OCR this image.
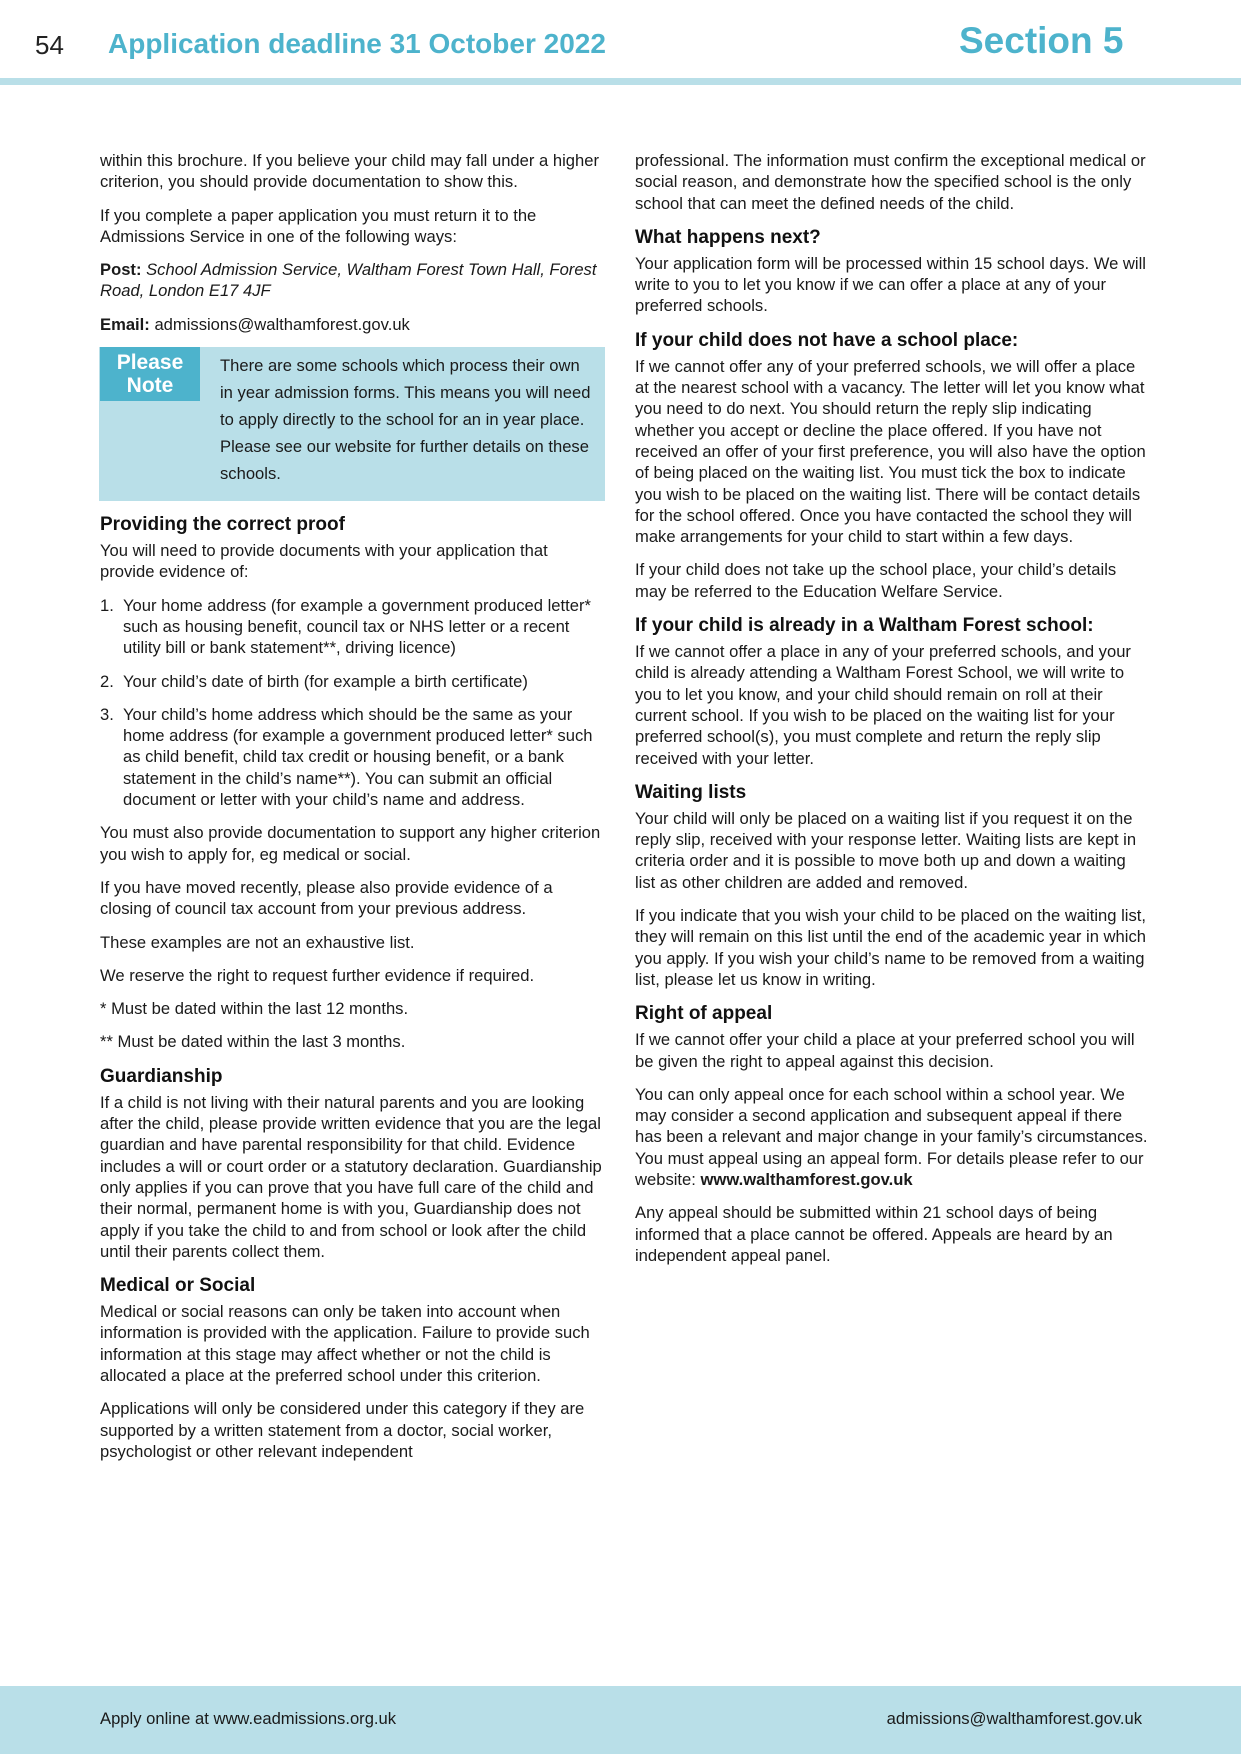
54 Application deadline 31 October 2022	Section 5

within this brochure. If you believe your child may fall under a higher criterion, you should provide documentation to show this.

If you complete a paper application you must return it to the Admissions Service in one of the following ways:

Post: School Admission Service, Waltham Forest Town Hall, Forest Road, London E17 4JF

Email: admissions@walthamforest.gov.uk

Please
Note

There are some schools which process their own in year admission forms. This means you will need to apply directly to the school for an in year place. Please see our website for further details on these schools.

Providing the correct proof

You will need to provide documents with your application that provide evidence of:

1. Your home address (for example a government produced letter* such as housing benefit, council tax or NHS letter or a recent utility bill or bank statement**, driving licence)
2. Your child’s date of birth (for example a birth certificate)
3. Your child’s home address which should be the same as your home address (for example a government produced letter* such as child benefit, child tax credit or housing benefit, or a bank statement in the child’s name**). You can submit an official document or letter with your child’s name and address.

You must also provide documentation to support any higher criterion you wish to apply for, eg medical or social.

If you have moved recently, please also provide evidence of a closing of council tax account from your previous address.

These examples are not an exhaustive list.

We reserve the right to request further evidence if required.

* Must be dated within the last 12 months.

** Must be dated within the last 3 months.

Guardianship

If a child is not living with their natural parents and you are looking after the child, please provide written evidence that you are the legal guardian and have parental responsibility for that child. Evidence includes a will or court order or a statutory declaration. Guardianship only applies if you can prove that you have full care of the child and their normal, permanent home is with you, Guardianship does not apply if you take the child to and from school or look after the child until their parents collect them.

Medical or Social

Medical or social reasons can only be taken into account when information is provided with the application. Failure to provide such information at this stage may affect whether or not the child is allocated a place at the preferred school under this criterion.

Applications will only be considered under this category if they are supported by a written statement from a doctor, social worker, psychologist or other relevant independent

professional. The information must confirm the exceptional medical or social reason, and demonstrate how the specified school is the only school that can meet the defined needs of the child.

What happens next?

Your application form will be processed within 15 school days. We will write to you to let you know if we can offer a place at any of your preferred schools.

If your child does not have a school place:

If we cannot offer any of your preferred schools, we will offer a place at the nearest school with a vacancy. The letter will let you know what you need to do next. You should return the reply slip indicating whether you accept or decline the place offered. If you have not received an offer of your first preference, you will also have the option of being placed on the waiting list. You must tick the box to indicate you wish to be placed on the waiting list. There will be contact details for the school offered. Once you have contacted the school they will make arrangements for your child to start within a few days.

If your child does not take up the school place, your child’s details may be referred to the Education Welfare Service.

If your child is already in a Waltham Forest school:

If we cannot offer a place in any of your preferred schools, and your child is already attending a Waltham Forest School, we will write to you to let you know, and your child should remain on roll at their current school. If you wish to be placed on the waiting list for your preferred school(s), you must complete and return the reply slip received with your letter.

Waiting lists

Your child will only be placed on a waiting list if you request it on the reply slip, received with your response letter. Waiting lists are kept in criteria order and it is possible to move both up and down a waiting list as other children are added and removed.

If you indicate that you wish your child to be placed on the waiting list, they will remain on this list until the end of the academic year in which you apply. If you wish your child’s name to be removed from a waiting list, please let us know in writing.

Right of appeal

If we cannot offer your child a place at your preferred school you will be given the right to appeal against this decision.

You can only appeal once for each school within a school year. We may consider a second application and subsequent appeal if there has been a relevant and major change in your family’s circumstances. You must appeal using an appeal form. For details please refer to our website: www.walthamforest.gov.uk

Any appeal should be submitted within 21 school days of being informed that a place cannot be offered. Appeals are heard by an independent appeal panel.

Apply online at www.eadmissions.org.uk	admissions@walthamforest.gov.uk
